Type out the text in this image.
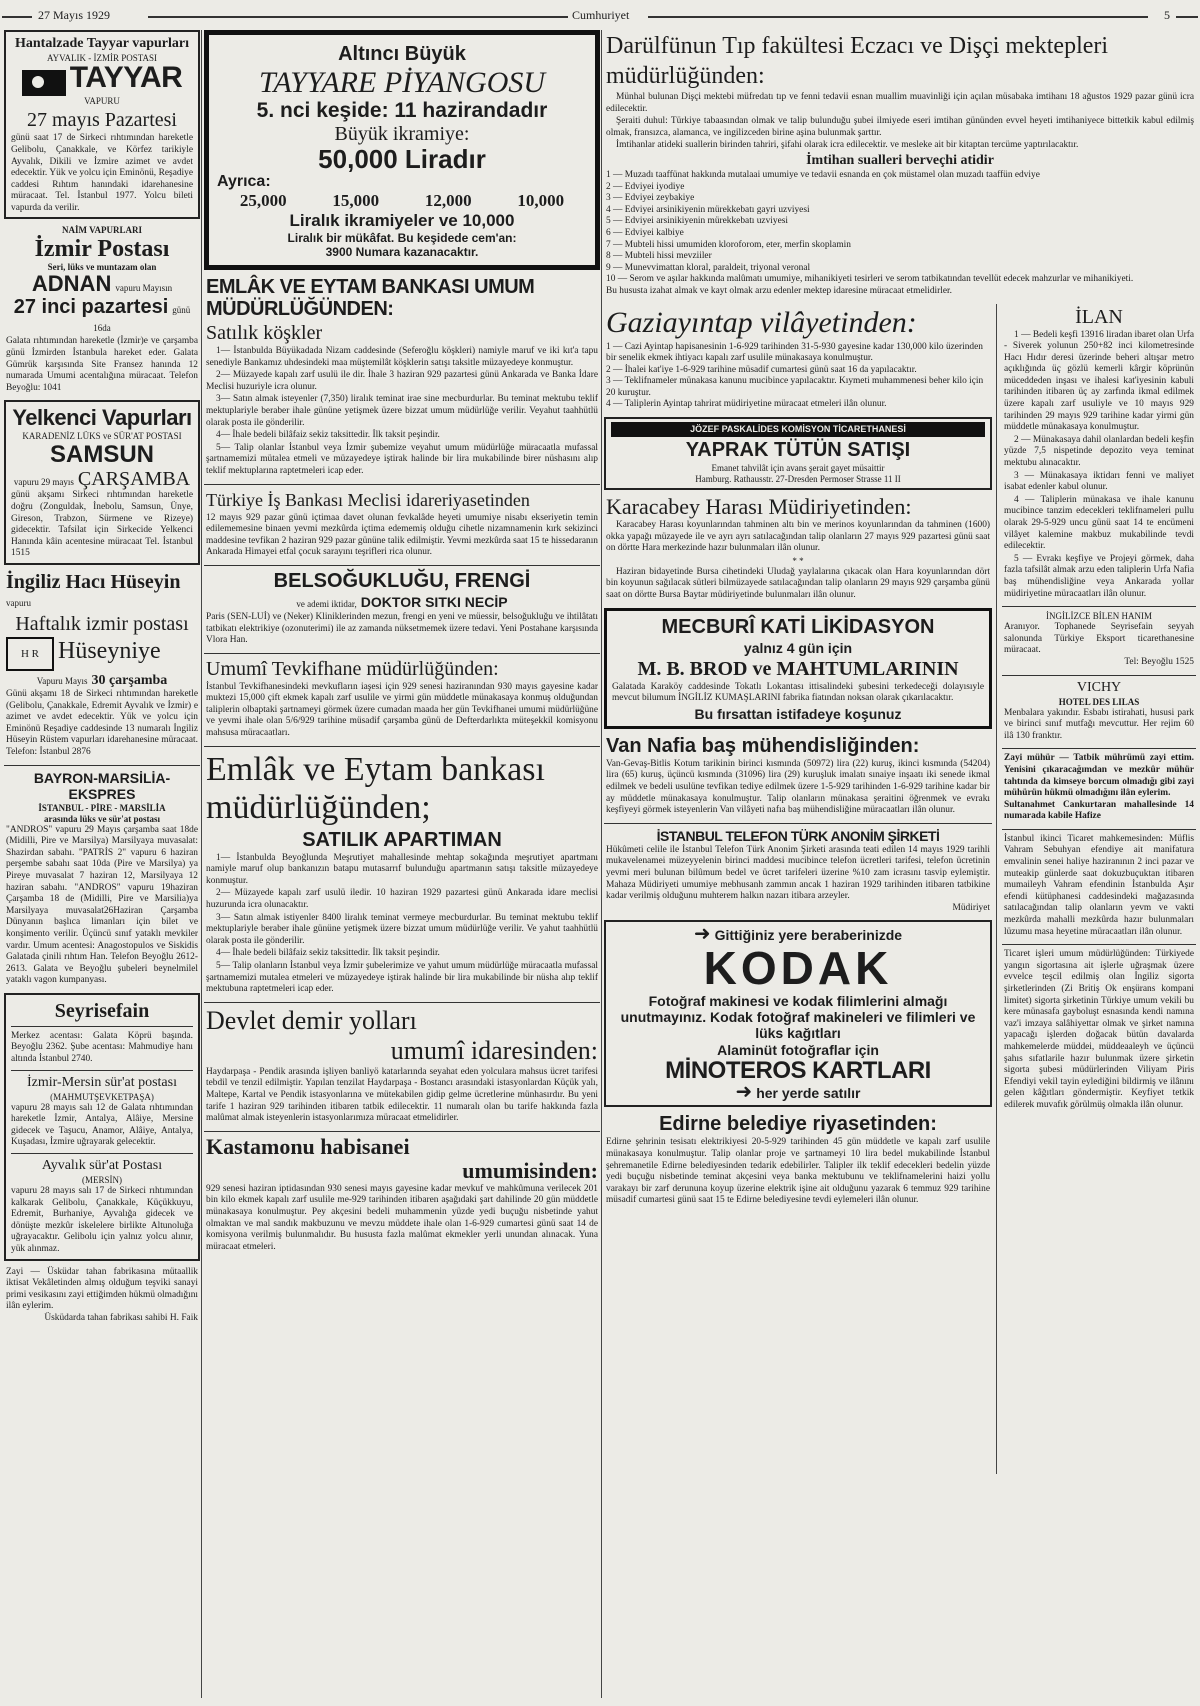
27 Mayıs 1929	Cumhuriyet	5
Hantalzade Tayyar vapurları
AYVALIK - İZMİR POSTASI
TAYYAR
VAPURU
27 mayıs Pazartesi
günü saat 17 de Sirkeci rıhtımından hareketle Gelibolu, Çanakkale, ve Körfez tarikiyle Ayvalık, Dikili ve İzmire azimet ve avdet edecektir. Yük ve yolcu için Eminönü, Reşadiye caddesi Rıhtım hanındaki idarehanesine müracaat. Tel. İstanbul 1977. Yolcu bileti vapurda da verilir.
NAİM VAPURLARI
İzmir Postası
Seri, lüks ve muntazam olan
ADNAN vapuru Mayısın
27 inci pazartesi günü 16da
Galata rıhtımından hareketle (İzmir)e ve çarşamba günü İzmirden İstanbula hareket eder. Galata Gümrük karşısında Site Fransez hanında 12 numarada Umumi acentalığına müracaat. Telefon Beyoğlu: 1041
Yelkenci Vapurları
KARADENİZ LÜKS ve SÜR'AT POSTASI
SAMSUN
vapuru 29 mayıs ÇARŞAMBA
günü akşamı Sirkeci rıhtımından hareketle doğru (Zonguldak, İnebolu, Samsun, Ünye, Gireson, Trabzon, Sürmene ve Rizeye) gidecektir. Tafsilat için Sirkecide Yelkenci Hanında kâin acentesine müracaat Tel. İstanbul 1515
İngiliz Hacı Hüseyin vapuru
Haftalık izmir postası
H R Hüseyniye
Vapuru Mayıs 30 çarşamba
Günü akşamı 18 de Sirkeci rıhtımından hareketle (Gelibolu, Çanakkale, Edremit Ayvalık ve İzmir) e azimet ve avdet edecektir. Yük ve yolcu için Eminönü Reşadiye caddesinde 13 numaralı İngiliz Hüseyin Rüstem vapurları idarehanesine müracaat. Telefon: İstanbul 2876
BAYRON-MARSİLİA-EKSPRES
İSTANBUL - PİRE - MARSİLİA
arasında lüks ve sür'at postası
"ANDROS" vapuru 29 Mayıs çarşamba saat 18de (Midilli, Pire ve Marsilya) Marsilyaya muvasalat: Shazirdan sabahı. "PATRİS 2" vapuru 6 haziran perşembe sabahı saat 10da (Pire ve Marsilya) ya Pireye muvasalat 7 haziran 12, Marsilyaya 12 haziran sabahı. "ANDROS" vapuru 19haziran Çarşamba 18 de (Midilli, Pire ve Marsilia)ya Marsilyaya muvasalat26Haziran Çarşamba Dünyanın başlıca limanları için bilet ve konşimento verilir. Üçüncü sınıf yataklı mevkiler vardır. Umum acentesi: Anagostopulos ve Siskidis Galatada çinili rıhtım Han. Telefon Beyoğlu 2612-2613. Galata ve Beyoğlu şubeleri beynelmilel yataklı vagon kumpanyası.
Seyrisefain
Merkez acentası: Galata Köprü başında. Beyoğlu 2362. Şube acentası: Mahmudiye hanı altında İstanbul 2740.
İzmir-Mersin sür'at postası
(MAHMUTŞEVKETPAŞA)
vapuru 28 mayıs salı 12 de Galata rıhtımından hareketle İzmir, Antalya, Alâiye, Mersine gidecek ve Taşucu, Anamor, Alâiye, Antalya, Kuşadası, İzmire uğrayarak gelecektir.
Ayvalık sür'at Postası
(MERSİN)
vapuru 28 mayıs salı 17 de Sirkeci rıhtımından kalkarak Gelibolu, Çanakkale, Küçükkuyu, Edremit, Burhaniye, Ayvalığa gidecek ve dönüşte mezkûr iskelelere birlikte Altunoluğa uğrayacaktır. Gelibolu için yalnız yolcu alınır, yük alınmaz.
Zayi — Üsküdar tahan fabrikasına mütaallik iktisat Vekâletinden almış olduğum teşviki sanayi primi vesikasını zayi ettiğimden hükmü olmadığını ilân eylerim.
Üsküdarda tahan fabrikası sahibi H. Faik
Altıncı Büyük
TAYYARE PİYANGOSU
5. nci keşide: 11 hazirandadır
Büyük ikramiye:
50,000 Liradır
Ayrıca:
25,000	15,000	12,000	10,000
Liralık ikramiyeler ve 10,000
Liralık bir mükâfat. Bu keşidede cem'an:
3900 Numara kazanacaktır.
EMLÂK VE EYTAM BANKASI UMUM MÜDÜRLÜĞÜNDEN:
Satılık köşkler

1— İstanbulda Büyükadada Nizam caddesinde (Seferoğlu köşkleri) namiyle maruf ve iki kıt'a tapu senediyle Bankamız uhdesindeki maa müştemilât köşklerin satışı taksitle müzayedeye konmuştur.

2— Müzayede kapalı zarf usulü ile dir. İhale 3 haziran 929 pazartesi günü Ankarada ve Banka İdare Meclisi huzuriyle icra olunur.

3— Satın almak isteyenler (7,350) liralık teminat irae sine mecburdurlar. Bu teminat mektubu teklif mektuplariyle beraber ihale gününe yetişmek üzere bizzat umum müdürlüğe verilir. Veyahut taahhütlü olarak posta ile gönderilir.

4— İhale bedeli bilâfaiz sekiz taksittedir. İlk taksit peşindir.

5— Talip olanlar İstanbul veya İzmir şubemize veyahut umum müdürlüğe müracaatla mufassal şartnamemizi mütalea etmeli ve müzayedeye iştirak halinde bir lira mukabilinde birer nüshasını alıp teklif mektuplarına raptetmeleri icap eder.

Türkiye İş Bankası Meclisi idareriyasetinden
12 mayıs 929 pazar günü içtimaa davet olunan fevkalâde heyeti umumiye nisabı ekseriyetin temin edilememesine binaen yevmi mezkûrda içtima edememiş olduğu cihetle nizamnamenin kırk sekizinci maddesine tevfikan 2 haziran 929 pazar gününe talik edilmiştir. Yevmi mezkûrda saat 15 te hissedaranın Ankarada Himayei etfal çocuk sarayını teşrifleri rica olunur.
BELSOĞUKLUĞU, FRENGİ
ve ademi iktidar, DOKTOR SITKI NECİP
Paris (SEN-LUİ) ve (Neker) Kliniklerinden mezun, frengi en yeni ve müessir, belsoğukluğu ve ihtilâtatı tatbikatı elektrikiye (ozonuterimi) ile az zamanda nüksetmemek üzere tedavi. Yeni Postahane karşısında Vlora Han.
Umumî Tevkifhane müdürlüğünden:
İstanbul Tevkifhanesindeki mevkufların iaşesi için 929 senesi haziranından 930 mayıs gayesine kadar muktezi 15,000 çift ekmek kapalı zarf usulile ve yirmi gün müddetle münakasaya konmuş olduğundan taliplerin olbaptaki şartnameyi görmek üzere cumadan maada her gün Tevkifhanei umumi müdürlüğüne ve yevmi ihale olan 5/6/929 tarihine müsadif çarşamba günü de Defterdarlıkta müteşekkil komisyonu mahsusa müracaatları.
Emlâk ve Eytam bankası müdürlüğünden;
SATILIK APARTIMAN

1— İstanbulda Beyoğlunda Meşrutiyet mahallesinde mehtap sokağında meşrutiyet apartmanı namiyle maruf olup bankanızın batapu mutasarrıf bulunduğu apartmanın satışı taksitle müzayedeye konmuştur.

2— Müzayede kapalı zarf usulü iledir. 10 haziran 1929 pazartesi günü Ankarada idare meclisi huzurunda icra olunacaktır.

3— Satın almak istiyenler 8400 liralık teminat vermeye mecburdurlar. Bu teminat mektubu teklif mektuplariyle beraber ihale gününe yetişmek üzere bizzat umum müdürlüğe verilir. Ve yahut taahhütlü olarak posta ile gönderilir.

4— İhale bedeli bilâfaiz sekiz taksittedir. İlk taksit peşindir.

5— Talip olanların İstanbul veya İzmir şubelerimize ve yahut umum müdürlüğe müracaatla mufassal şartnamemizi mutalea etmeleri ve müzayedeye iştirak halinde bir lira mukabilinde bir nüsha alıp teklif mektubuna raptetmeleri icap eder.

Devlet demir yolları
umumî idaresinden:
Haydarpaşa - Pendik arasında işliyen banliyö katarlarında seyahat eden yolculara mahsus ücret tarifesi tebdil ve tenzil edilmiştir. Yapılan tenzilat Haydarpaşa - Bostancı arasındaki istasyonlardan Küçük yalı, Maltepe, Kartal ve Pendik istasyonlarına ve mütekabilen gidip gelme ücretlerine münhasırdır. Bu yeni tarife 1 haziran 929 tarihinden itibaren tatbik edilecektir. 11 numaralı olan bu tarife hakkında fazla malûmat almak isteyenlerin istasyonlarımıza müracaat etmelidirler.
Kastamonu habisanei
umumisinden:
929 senesi haziran iptidasından 930 senesi mayıs gayesine kadar mevkuf ve mahkûmuna verilecek 201 bin kilo ekmek kapalı zarf usulile me-929 tarihinden itibaren aşağıdaki şart dahilinde 20 gün müddetle münakasaya konulmuştur. Pey akçesini bedeli muhammenin yüzde yedi buçuğu nisbetinde yahut olmaktan ve mal sandık makbuzunu ve mevzu müddete ihale olan 1-6-929 cumartesi günü saat 14 de komisyona verilmiş bulunmalıdır. Bu hususta fazla malûmat ekmekler yerli unundan alınacak. Yuna müracaat etmeleri.
Darülfünun Tıp fakültesi Eczacı ve Dişçi mektepleri
müdürlüğünden:

Münhal bulunan Dişçi mektebi müfredatı tıp ve fenni tedavii esnan muallim muavinliği için açılan müsabaka imtihanı 18 ağustos 1929 pazar günü icra edilecektir.

Şeraiti duhul: Türkiye tabaasından olmak ve talip bulunduğu şubei ilmiyede eseri imtihan gününden evvel heyeti imtihaniyece bittetkik kabul edilmiş olmak, fransızca, alamanca, ve ingilizceden birine aşina bulunmak şarttır.

İmtihanlar atideki suallerin birinden tahriri, şifahi olarak icra edilecektir. ve mesleke ait bir kitaptan tercüme yaptırılacaktır.

İmtihan sualleri berveçhi atidir
1 — Muzadı taaffünat hakkında mutalaai umumiye ve tedavii esnanda en çok müstamel olan muzadı taaffün edviye
2 — Edviyei iyodiye
3 — Edviyei zeybakiye
4 — Edviyei arsinikiyenin mürekkebatı gayri uzviyesi
5 — Edviyei arsinikiyenin mürekkebatı uzviyesi
6 — Edviyei kalbiye
7 — Mubteli hissi umumiden kloroforom, eter, merfin skoplamin
8 — Mubteli hissi mevziiler
9 — Munevvimattan kloral, paraldeit, triyonal veronal
10 — Serom ve aşılar hakkında malûmatı umumiye, mihanikiyeti tesirleri ve serom tatbikatından tevellüt edecek mahzurlar ve mihanikiyeti.
Bu hususta izahat almak ve kayt olmak arzu edenler mektep idaresine müracaat etmelidirler.
Gaziayıntap vilâyetinden:
1 — Cazi Ayintap hapisanesinin 1-6-929 tarihinden 31-5-930 gayesine kadar 130,000 kilo üzerinden bir senelik ekmek ihtiyacı kapalı zarf usulile münakasaya konulmuştur.
2 — İhalei kat'iye 1-6-929 tarihine müsadif cumartesi günü saat 16 da yapılacaktır.
3 — Teklifnameler münakasa kanunu mucibince yapılacaktır. Kıymeti muhammenesi beher kilo için 20 kuruştur.
4 — Taliplerin Ayintap tahrirat müdiriyetine müracaat etmeleri ilân olunur.
JÖZEF PASKALİDES KOMİSYON TİCARETHANESİ
YAPRAK TÜTÜN SATIŞI
Emanet tahvilât için avans şerait gayet müsaittir
Hamburg. Rathausstr. 27-Dresden Permoser Strasse 11 II
Karacabey Harası Müdiriyetinden:

Karacabey Harası koyunlarından tahminen altı bin ve merinos koyunlarından da tahminen (1600) okka yapağı müzayede ile ve ayrı ayrı satılacağından talip olanların 27 mayıs 929 pazartesi günü saat on dörtte Hara merkezinde hazır bulunmaları ilân olunur.

* *

Haziran bidayetinde Bursa cihetindeki Uludağ yaylalarına çıkacak olan Hara koyunlarından dört bin koyunun sağılacak sütleri bilmüzayede satılacağından talip olanların 29 mayıs 929 çarşamba günü saat on dörtte Bursa Baytar müdiriyetinde bulunmaları ilân olunur.

MECBURÎ KATİ LİKİDASYON
yalnız 4 gün için
M. B. BROD ve MAHTUMLARININ
Galatada Karaköy caddesinde Tokatlı Lokantası ittisalindeki şubesini terkedeceği dolayısıyle mevcut bilumum İNGİLİZ KUMAŞLARINI fabrika fiatından noksan olarak çıkarılacaktır.
Bu fırsattan istifadeye koşunuz
Van Nafia baş mühendisliğinden:
Van-Gevaş-Bitlis Kotum tarikinin birinci kısmında (50972) lira (22) kuruş, ikinci kısmında (54204) lira (65) kuruş, üçüncü kısmında (31096) lira (29) kuruşluk imalatı sınaiye inşaatı iki senede ikmal edilmek ve bedeli usulüne tevfikan tediye edilmek üzere 1-5-929 tarihinden 1-6-929 tarihine kadar bir ay müddetle münakasaya konulmuştur. Talip olanların münakasa şeraitini öğrenmek ve evrakı keşfiyeyi görmek isteyenlerin Van vilâyeti nafıa baş mühendisliğine müracaatları ilân olunur.
İSTANBUL TELEFON TÜRK ANONİM ŞİRKETİ
Hükûmeti celile ile İstanbul Telefon Türk Anonim Şirketi arasında teati edilen 14 mayıs 1929 tarihli mukavelenamei müzeyyelenin birinci maddesi mucibince telefon ücretleri tarifesi, telefon ücretinin yevmi meri bulunan bilûmum bedel ve ücret tarifeleri üzerine %10 zam icrasını tasvip eylemiştir. Mahaza Müdiriyeti umumiye mebhusanh zammın ancak 1 haziran 1929 tarihinden itibaren tatbikine kadar verilmiş olduğunu muhterem halkın nazarı itibara arzeyler.
Müdiriyet
➜ Gittiğiniz yere beraberinizde
KODAK
Fotoğraf makinesi ve kodak filimlerini almağı unutmayınız. Kodak fotoğraf makineleri ve filimleri ve lüks kağıtları
Alaminüt fotoğraflar için
MİNOTEROS KARTLARI
➜ her yerde satılır
Edirne belediye riyasetinden:
Edirne şehrinin tesisatı elektrikiyesi 20-5-929 tarihinden 45 gün müddetle ve kapalı zarf usulile münakasaya konulmuştur. Talip olanlar proje ve şartnameyi 10 lira bedel mukabilinde İstanbul şehremanetile Edirne belediyesinden tedarik edebilirler. Talipler ilk teklif edecekleri bedelin yüzde yedi buçuğu nisbetinde teminat akçesini veya banka mektubunu ve teklifnamelerini haizi yollu varakayı bir zarf derununa koyup üzerine elektrik işine ait olduğunu yazarak 6 temmuz 929 tarihine müsadif cumartesi günü saat 15 te Edirne belediyesine tevdi eylemeleri ilân olunur.
İLAN

1 — Bedeli keşfi 13916 liradan ibaret olan Urfa - Siverek yolunun 250+82 inci kilometresinde Hacı Hıdır deresi üzerinde beheri altışar metro açıklığında üç gözlü kemerli kârgir köprünün müceddeden inşası ve ihalesi kat'iyesinin kabuli tarihinden itibaren üç ay zarfında ikmal edilmek üzere kapalı zarf usuliyle ve 10 mayıs 929 tarihinden 29 mayıs 929 tarihine kadar yirmi gün müddetle münakasaya konulmuştur.

2 — Münakasaya dahil olanlardan bedeli keşfin yüzde 7,5 nispetinde depozito veya teminat mektubu alınacaktır.

3 — Münakasaya iktidarı fenni ve maliyet isabat edenler kabul olunur.

4 — Taliplerin münakasa ve ihale kanunu mucibince tanzim edecekleri teklifnameleri pullu olarak 29-5-929 uncu günü saat 14 te encümeni vilâyet kalemine makbuz mukabilinde tevdi edilecektir.

5 — Evrakı keşfiye ve Projeyi görmek, daha fazla tafsilât almak arzu eden taliplerin Urfa Nafia baş mühendisliğine veya Ankarada yollar müdiriyetine müracaatları ilân olunur.

İNGİLİZCE BİLEN HANIM
Aranıyor. Tophanede Seyrisefain seyyah salonunda Türkiye Eksport ticarethanesine müracaat.
Tel: Beyoğlu 1525
VICHY
HOTEL DES LILAS
Menbalara yakındır. Esbabı istirahati, hususi park ve birinci sınıf mutfağı mevcuttur. Her rejim 60 ilâ 130 franktır.
Zayi mühür — Tatbik mührümü zayi ettim. Yenisini çıkaracağımdan ve mezkûr mühür tahtında da kimseye borcum olmadığı gibi zayi mühürün hükmü olmadığını ilân eylerim.
Sultanahmet Cankurtaran mahallesinde 14 numarada kabile Hafize
İstanbul ikinci Ticaret mahkemesinden: Müflis Vahram Sebuhyan efendiye ait manifatura emvalinin senei haliye haziranının 2 inci pazar ve muteakip günlerde saat dokuzbuçuktan itibaren mumaileyh Vahram efendinin İstanbulda Aşır efendi kütüphanesi caddesindeki mağazasında satılacağından talip olanların yevm ve vakti mezkûrda mahalli mezkûrda hazır bulunmaları lüzumu masa heyetine müracaatları ilân olunur.
Ticaret işleri umum müdürlüğünden: Türkiyede yangın sigortasına ait işlerle uğraşmak üzere evvelce teşcil edilmiş olan İngiliz sigorta şirketlerinden (Zi Britiş Ok enşürans kompani limitet) sigorta şirketinin Türkiye umum vekili bu kere münasafa gayboluşt esnasında kendi namına vaz'i imzaya salâhiyettar olmak ve şirket namına yapacağı işlerden doğacak bütün davalarda mahkemelerde müddei, müddeaaleyh ve üçüncü şahıs sıfatlarile hazır bulunmak üzere şirketin sigorta şubesi müdürlerinden Viliyam Piris Efendiyi vekil tayin eylediğini bildirmiş ve ilânını gelen kâğıtları göndermiştir. Keyfiyet tetkik edilerek muvafık görülmüş olmakla ilân olunur.
